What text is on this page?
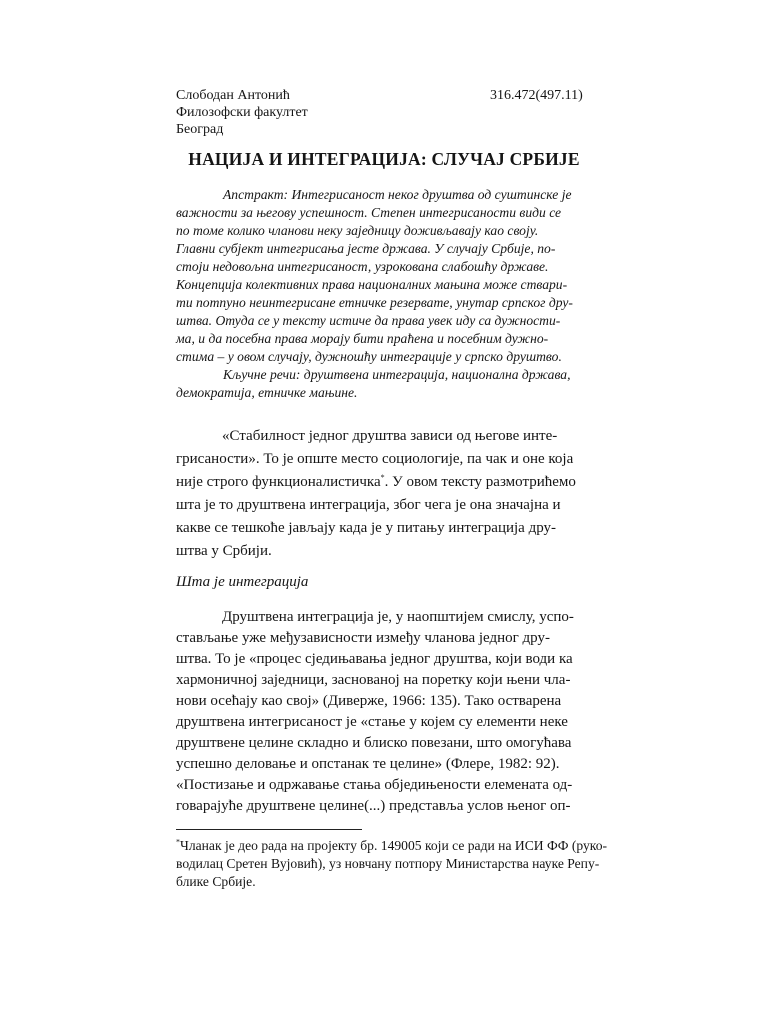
Слободан Антонић
Филозофски факултет
Београд
316.472(497.11)
НАЦИЈА И ИНТЕГРАЦИЈА: СЛУЧАЈ СРБИЈЕ
Апстракт: Интегрисаност неког друштва од суштинске је
важности за његову успешност. Степен интегрисаности види се
по томе колико чланови неку заједницу доживљавају као своју.
Главни субјект интегрисања јесте држава. У случају Србије, по-
стоји недовољна интегрисаност, узрокована слабошћу државе.
Концепција колективних права националних мањина може ствари-
ти потпуно неинтегрисане етничке резервате, унутар српског дру-
штва. Отуда се у тексту истиче да права увек иду са дужности-
ма, и да посебна права морају бити праћена и посебним дужно-
стима – у овом случају, дужношћу интеграције у српско друштво.
Кључне речи: друштвена интеграција, национална држава,
демократија, етничке мањине.
«Стабилност једног друштва зависи од његове инте-
грисаности». То је опште место социологије, па чак и оне која
није строго функционалистичка*. У овом тексту размотрићемо
шта је то друштвена интеграција, због чега је она значајна и
какве се тешкоће јављају када је у питању интеграција дру-
штва у Србији.
Шта је интеграција
Друштвена интеграција је, у наопштијем смислу, успо-
стављање уже међузависности између чланова једног дру-
штва. То је «процес сједињавања једног друштва, који води ка
хармоничној заједници, заснованој на поретку који њени чла-
нови осећају као свој» (Диверже, 1966: 135). Тако остварена
друштвена интегрисаност је «стање у којем су елементи неке
друштвене целине складно и блиско повезани, што омогућава
успешно деловање и опстанак те целине» (Флере, 1982: 92).
«Постизање и одржавање стања обједињености елемената од-
говарајуће друштвене целине(...) представља услов њеног оп-
*Чланак је део рада на пројекту бр. 149005 који се ради на ИСИ ФФ (руко-
водилац Сретен Вујовић), уз новчану потпору Министарства науке Репу-
блике Србије.
